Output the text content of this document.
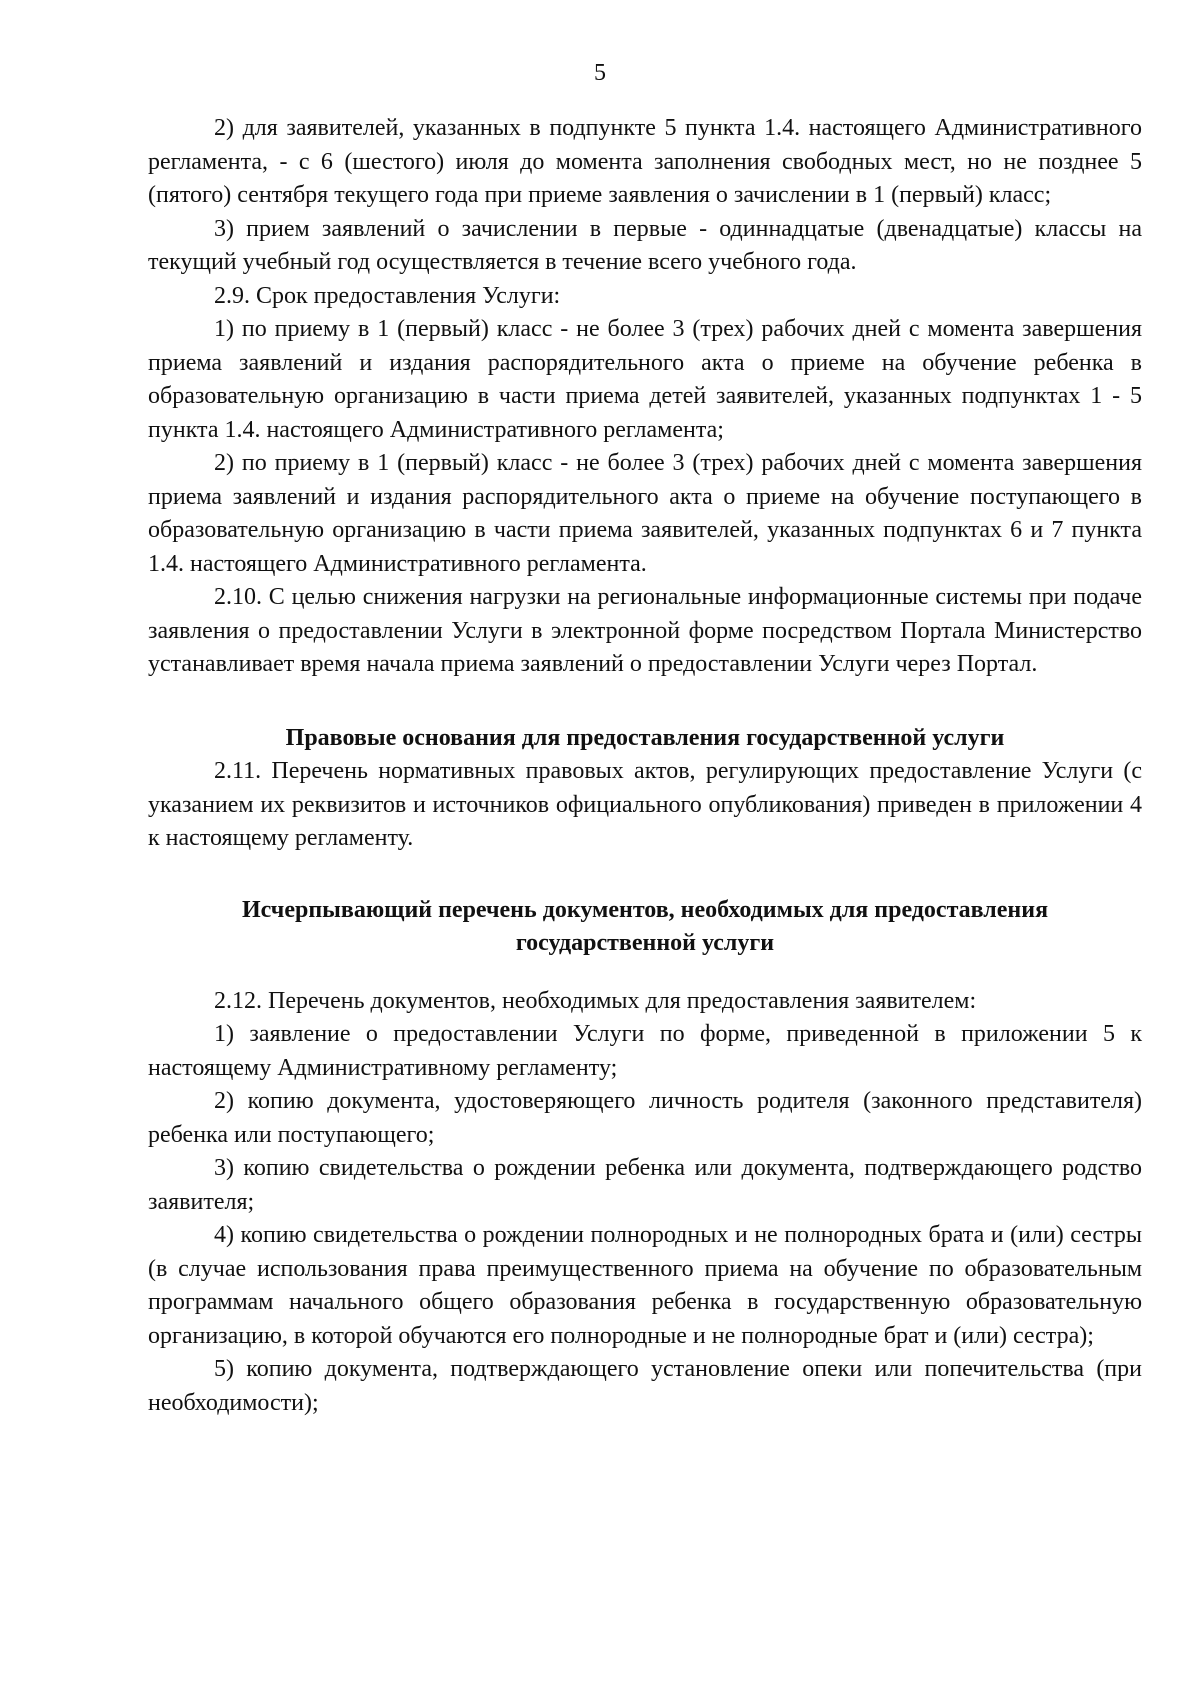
5

2) для заявителей, указанных в подпункте 5 пункта 1.4. настоящего Административного регламента, - с 6 (шестого) июля до момента заполнения свободных мест, но не позднее 5 (пятого) сентября текущего года при приеме заявления о зачислении в 1 (первый) класс;

3) прием заявлений о зачислении в первые - одиннадцатые (двенадцатые) классы на текущий учебный год осуществляется в течение всего учебного года.

2.9. Срок предоставления Услуги:

1) по приему в 1 (первый) класс - не более 3 (трех) рабочих дней с момента завершения приема заявлений и издания распорядительного акта о приеме на обучение ребенка в образовательную организацию в части приема детей заявителей, указанных подпунктах 1 - 5 пункта 1.4. настоящего Административного регламента;

2) по приему в 1 (первый) класс - не более 3 (трех) рабочих дней с момента завершения приема заявлений и издания распорядительного акта о приеме на обучение поступающего в образовательную организацию в части приема заявителей, указанных подпунктах 6 и 7 пункта 1.4. настоящего Административного регламента.

2.10. С целью снижения нагрузки на региональные информационные системы при подаче заявления о предоставлении Услуги в электронной форме посредством Портала Министерство устанавливает время начала приема заявлений о предоставлении Услуги через Портал.

Правовые основания для предоставления государственной услуги

2.11. Перечень нормативных правовых актов, регулирующих предоставление Услуги (с указанием их реквизитов и источников официального опубликования) приведен в приложении 4 к настоящему регламенту.

Исчерпывающий перечень документов, необходимых для предоставления
государственной услуги

2.12. Перечень документов, необходимых для предоставления заявителем:

1) заявление о предоставлении Услуги по форме, приведенной в приложении 5 к настоящему Административному регламенту;

2) копию документа, удостоверяющего личность родителя (законного представителя) ребенка или поступающего;

3) копию свидетельства о рождении ребенка или документа, подтверждающего родство заявителя;

4) копию свидетельства о рождении полнородных и не полнородных брата и (или) сестры (в случае использования права преимущественного приема на обучение по образовательным программам начального общего образования ребенка в государственную образовательную организацию, в которой обучаются его полнородные и не полнородные брат и (или) сестра);

5) копию документа, подтверждающего установление опеки или попечительства (при необходимости);
